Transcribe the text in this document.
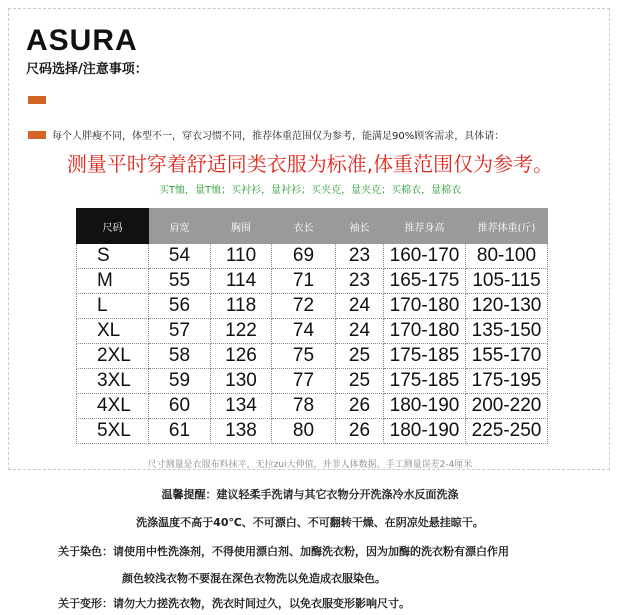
ASURA
尺码选择/注意事项：
每个人胖瘦不同，体型不一，穿衣习惯不同，推荐体重范围仅为参考，能满足90%顾客需求，具体请：
测量平时穿着舒适同类衣服为标准,体重范围仅为参考。
买T恤，量T恤；买衬衫，量衬衫；买夹克，量夹克；买棉衣，量棉衣
尺码	肩宽	胸围	衣长	袖长	推荐身高	推荐体重(斤)
S	54	110	69	23	160-170	80-100
M	55	114	71	23	165-175	105-115
L	56	118	72	24	170-180	120-130
XL	57	122	74	24	170-180	135-150
2XL	58	126	75	25	175-185	155-170
3XL	59	130	77	25	175-185	175-195
4XL	60	134	78	26	180-190	200-220
5XL	61	138	80	26	180-190	225-250
尺寸测量是衣服布料抹平，无拉zui大伸值，并非人体数据。手工测量误差2-4厘米
温馨提醒：建议轻柔手洗请与其它衣物分开洗涤冷水反面洗涤
洗涤温度不高于40℃、不可漂白、不可翻转干燥、在阴凉处悬挂晾干。
关于染色：请使用中性洗涤剂，不得使用漂白剂、加酶洗衣粉，因为加酶的洗衣粉有漂白作用
颜色较浅衣物不要混在深色衣物洗以免造成衣服染色。
关于变形：请勿大力搓洗衣物，洗衣时间过久，以免衣服变形影响尺寸。
